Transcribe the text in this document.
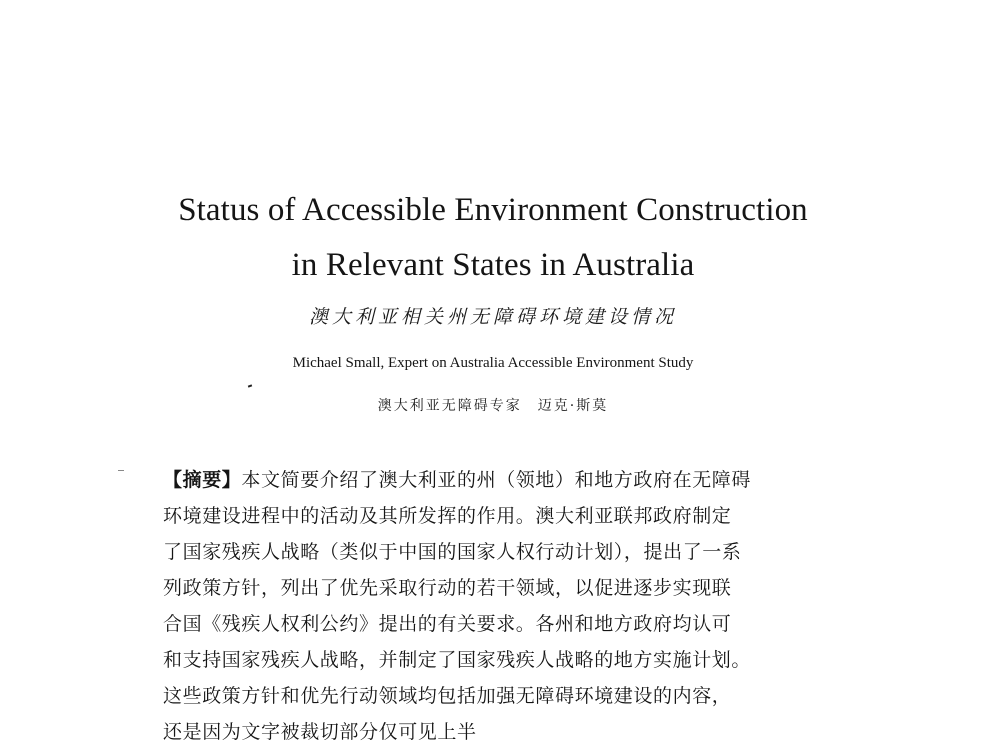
Status of Accessible Environment Construction
in Relevant States in Australia
澳大利亚相关州无障碍环境建设情况
Michael Small, Expert on Australia Accessible Environment Study
澳大利亚无障碍专家　迈克·斯莫
【摘要】本文简要介绍了澳大利亚的州（领地）和地方政府在无障碍
环境建设进程中的活动及其所发挥的作用。澳大利亚联邦政府制定
了国家残疾人战略（类似于中国的国家人权行动计划），提出了一系
列政策方针，列出了优先采取行动的若干领域，以促进逐步实现联
合国《残疾人权利公约》提出的有关要求。各州和地方政府均认可
和支持国家残疾人战略，并制定了国家残疾人战略的地方实施计划。
这些政策方针和优先行动领域均包括加强无障碍环境建设的内容，
还是因为文字被裁切部分仅可见上半
